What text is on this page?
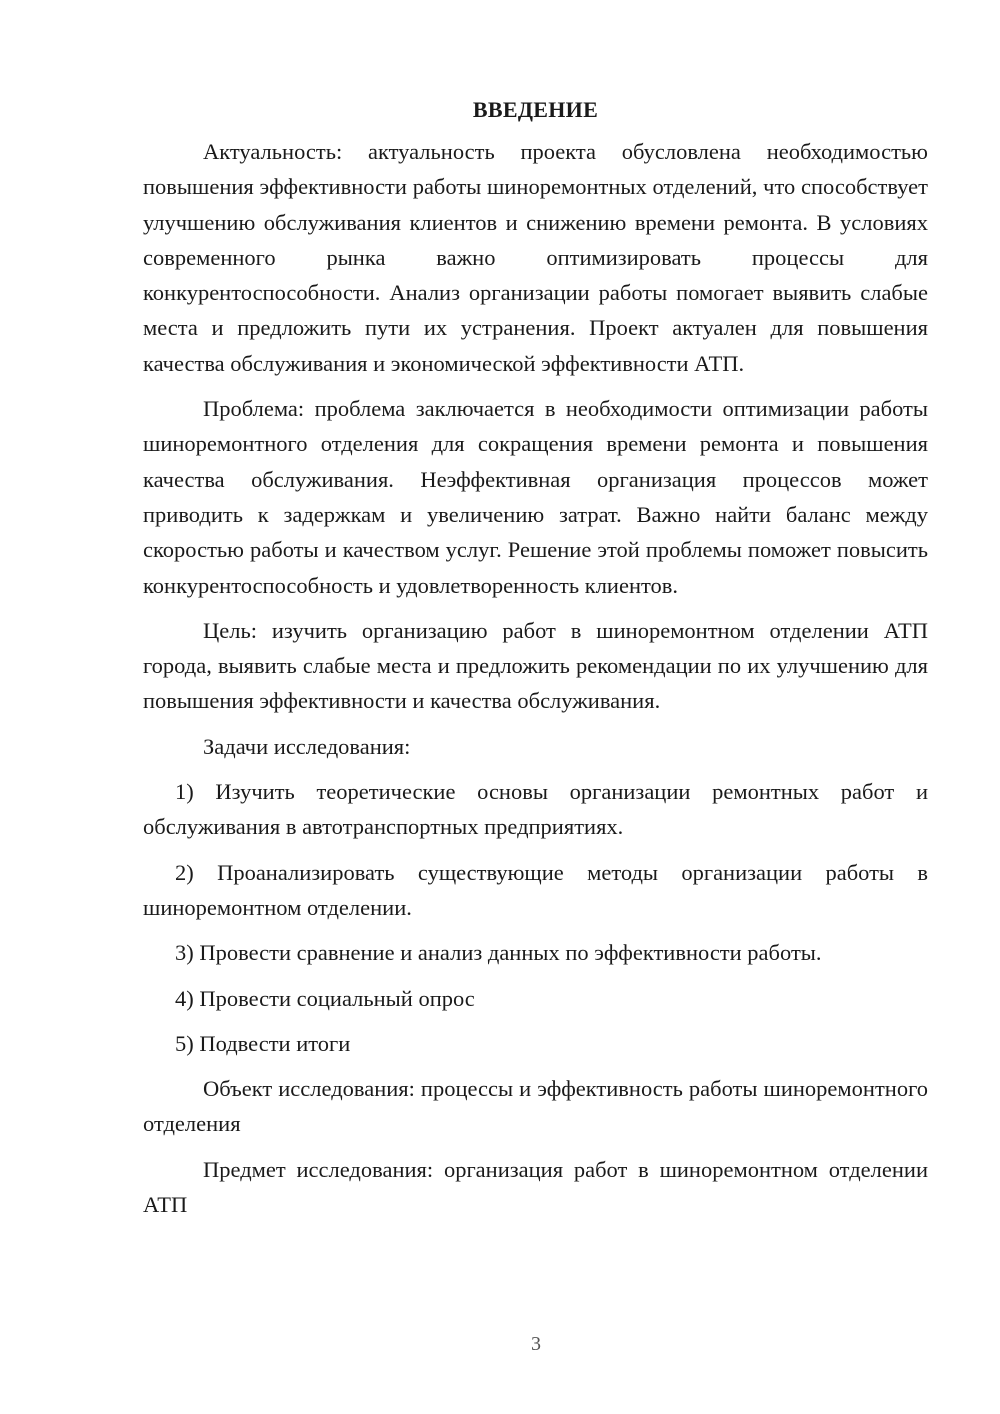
ВВЕДЕНИЕ

Актуальность: актуальность проекта обусловлена необходимостью повышения эффективности работы шиноремонтных отделений, что способствует улучшению обслуживания клиентов и снижению времени ремонта. В условиях современного рынка важно оптимизировать процессы для конкурентоспособности. Анализ организации работы помогает выявить слабые места и предложить пути их устранения. Проект актуален для повышения качества обслуживания и экономической эффективности АТП.

Проблема: проблема заключается в необходимости оптимизации работы шиноремонтного отделения для сокращения времени ремонта и повышения качества обслуживания. Неэффективная организация процессов может приводить к задержкам и увеличению затрат. Важно найти баланс между скоростью работы и качеством услуг. Решение этой проблемы поможет повысить конкурентоспособность и удовлетворенность клиентов.

Цель: изучить организацию работ в шиноремонтном отделении АТП города, выявить слабые места и предложить рекомендации по их улучшению для повышения эффективности и качества обслуживания.

Задачи исследования:

1) Изучить теоретические основы организации ремонтных работ и обслуживания в автотранспортных предприятиях.

2) Проанализировать существующие методы организации работы в шиноремонтном отделении.

3) Провести сравнение и анализ данных по эффективности работы.

4) Провести социальный опрос

5) Подвести итоги

Объект исследования: процессы и эффективность работы шиноремонтного отделения

Предмет исследования: организация работ в шиноремонтном отделении АТП

3
